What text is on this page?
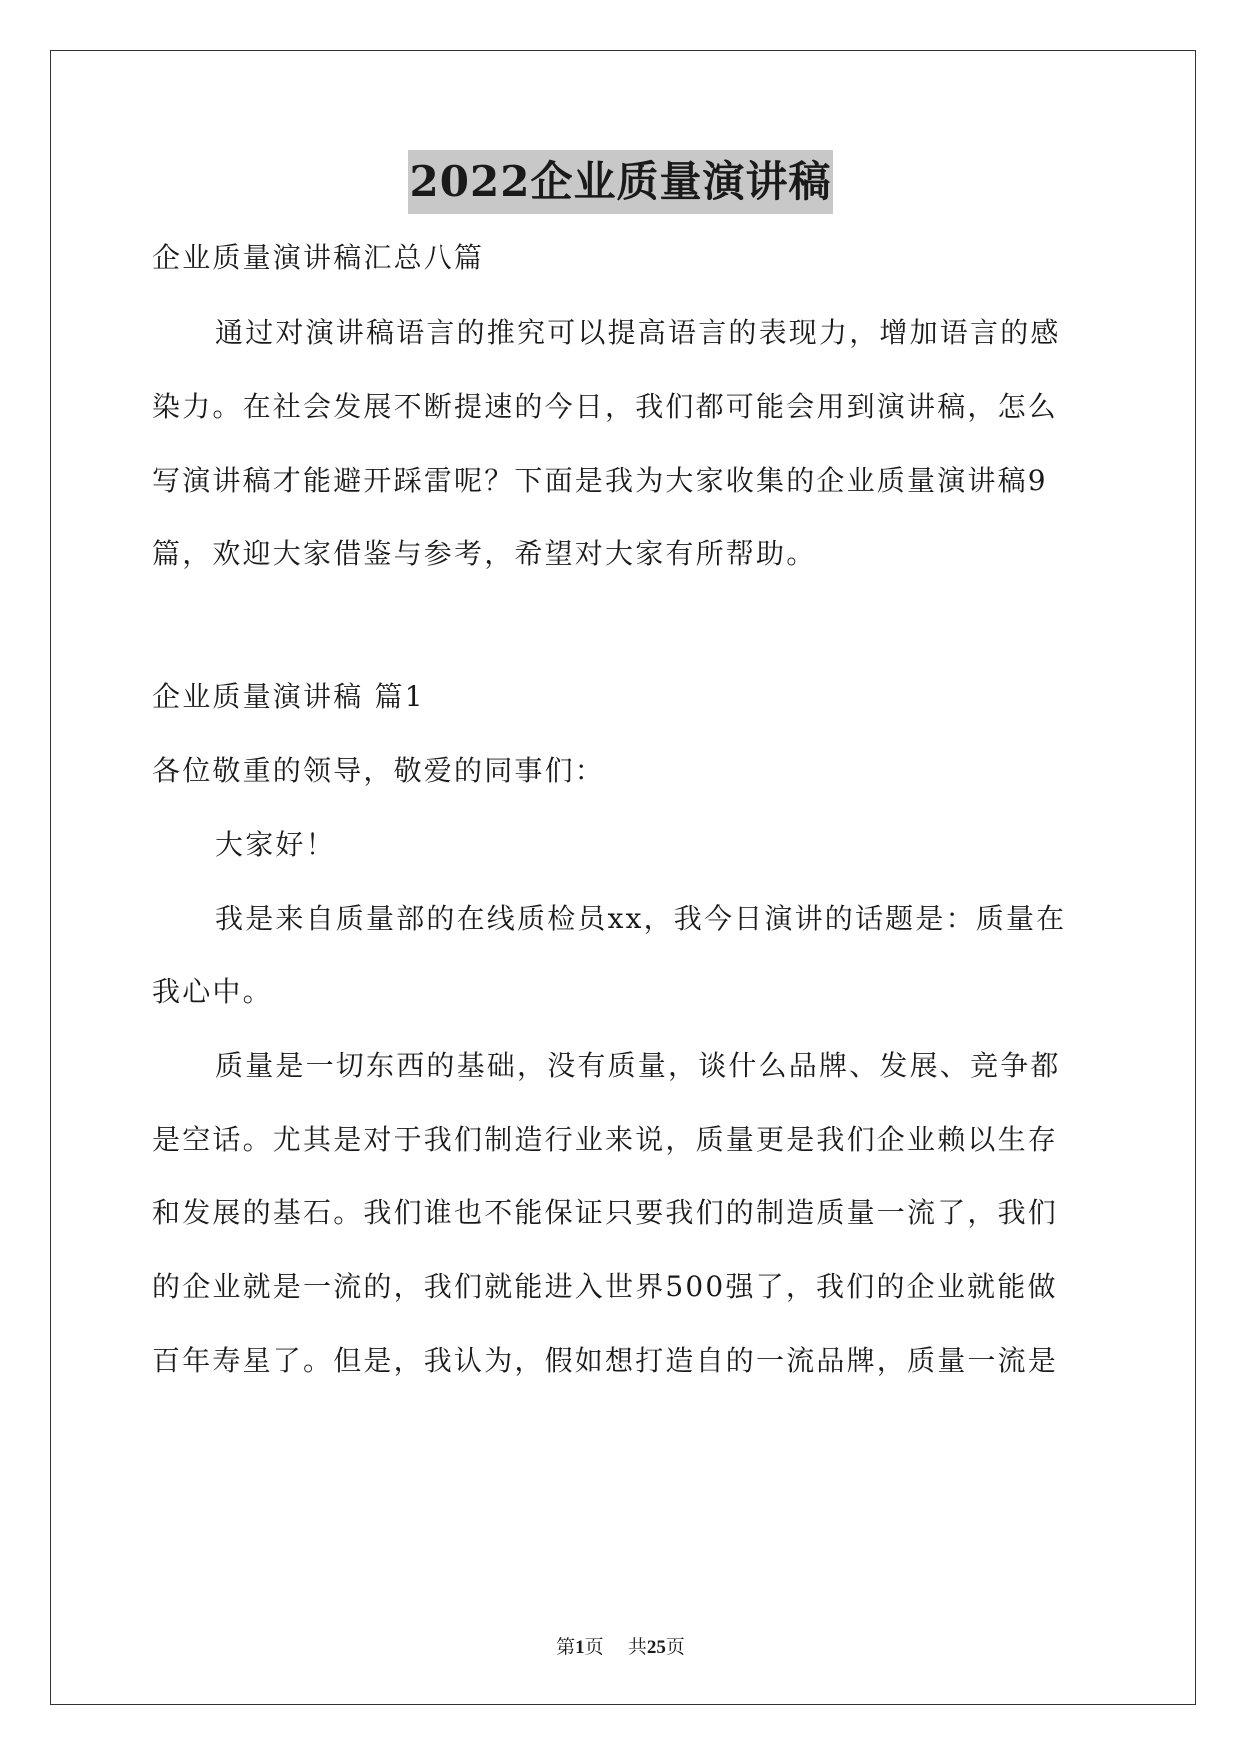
2022企业质量演讲稿
企业质量演讲稿汇总八篇
通过对演讲稿语言的推究可以提高语言的表现力，增加语言的感
染力。在社会发展不断提速的今日，我们都可能会用到演讲稿，怎么
写演讲稿才能避开踩雷呢？下面是我为大家收集的企业质量演讲稿9
篇，欢迎大家借鉴与参考，希望对大家有所帮助。
企业质量演讲稿 篇1
各位敬重的领导，敬爱的同事们：
大家好！
我是来自质量部的在线质检员xx，我今日演讲的话题是：质量在
我心中。
质量是一切东西的基础，没有质量，谈什么品牌、发展、竞争都
是空话。尤其是对于我们制造行业来说，质量更是我们企业赖以生存
和发展的基石。我们谁也不能保证只要我们的制造质量一流了，我们
的企业就是一流的，我们就能进入世界500强了，我们的企业就能做
百年寿星了。但是，我认为，假如想打造自的一流品牌，质量一流是
第1页 共25页
